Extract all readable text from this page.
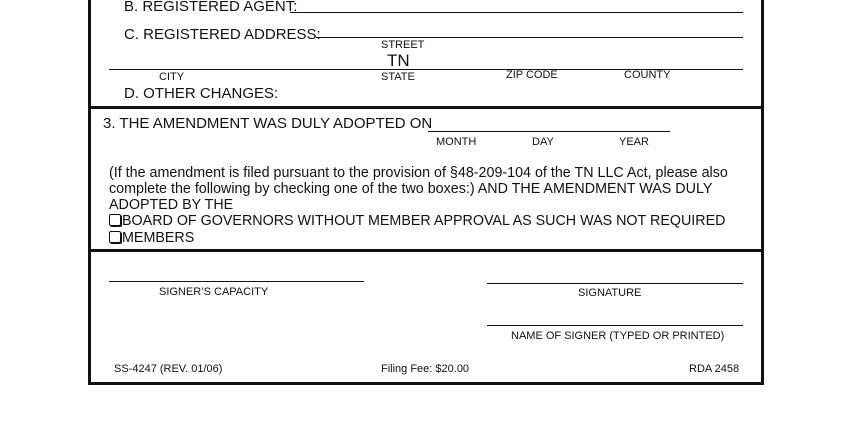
B. REGISTERED AGENT:
C. REGISTERED ADDRESS:
STREET
TN
CITY	STATE	ZIP CODE	COUNTY
D. OTHER CHANGES:
3. THE AMENDMENT WAS DULY ADOPTED ON
MONTH	DAY	YEAR
(If the amendment is filed pursuant to the provision of §48-209-104 of the TN LLC Act, please also
complete the following by checking one of the two boxes:) AND THE AMENDMENT WAS DULY
ADOPTED BY THE
BOARD OF GOVERNORS WITHOUT MEMBER APPROVAL AS SUCH WAS NOT REQUIRED
MEMBERS
SIGNER’S CAPACITY	SIGNATURE
NAME OF SIGNER (TYPED OR PRINTED)
SS-4247 (REV. 01/06)	Filing Fee: $20.00	RDA 2458
